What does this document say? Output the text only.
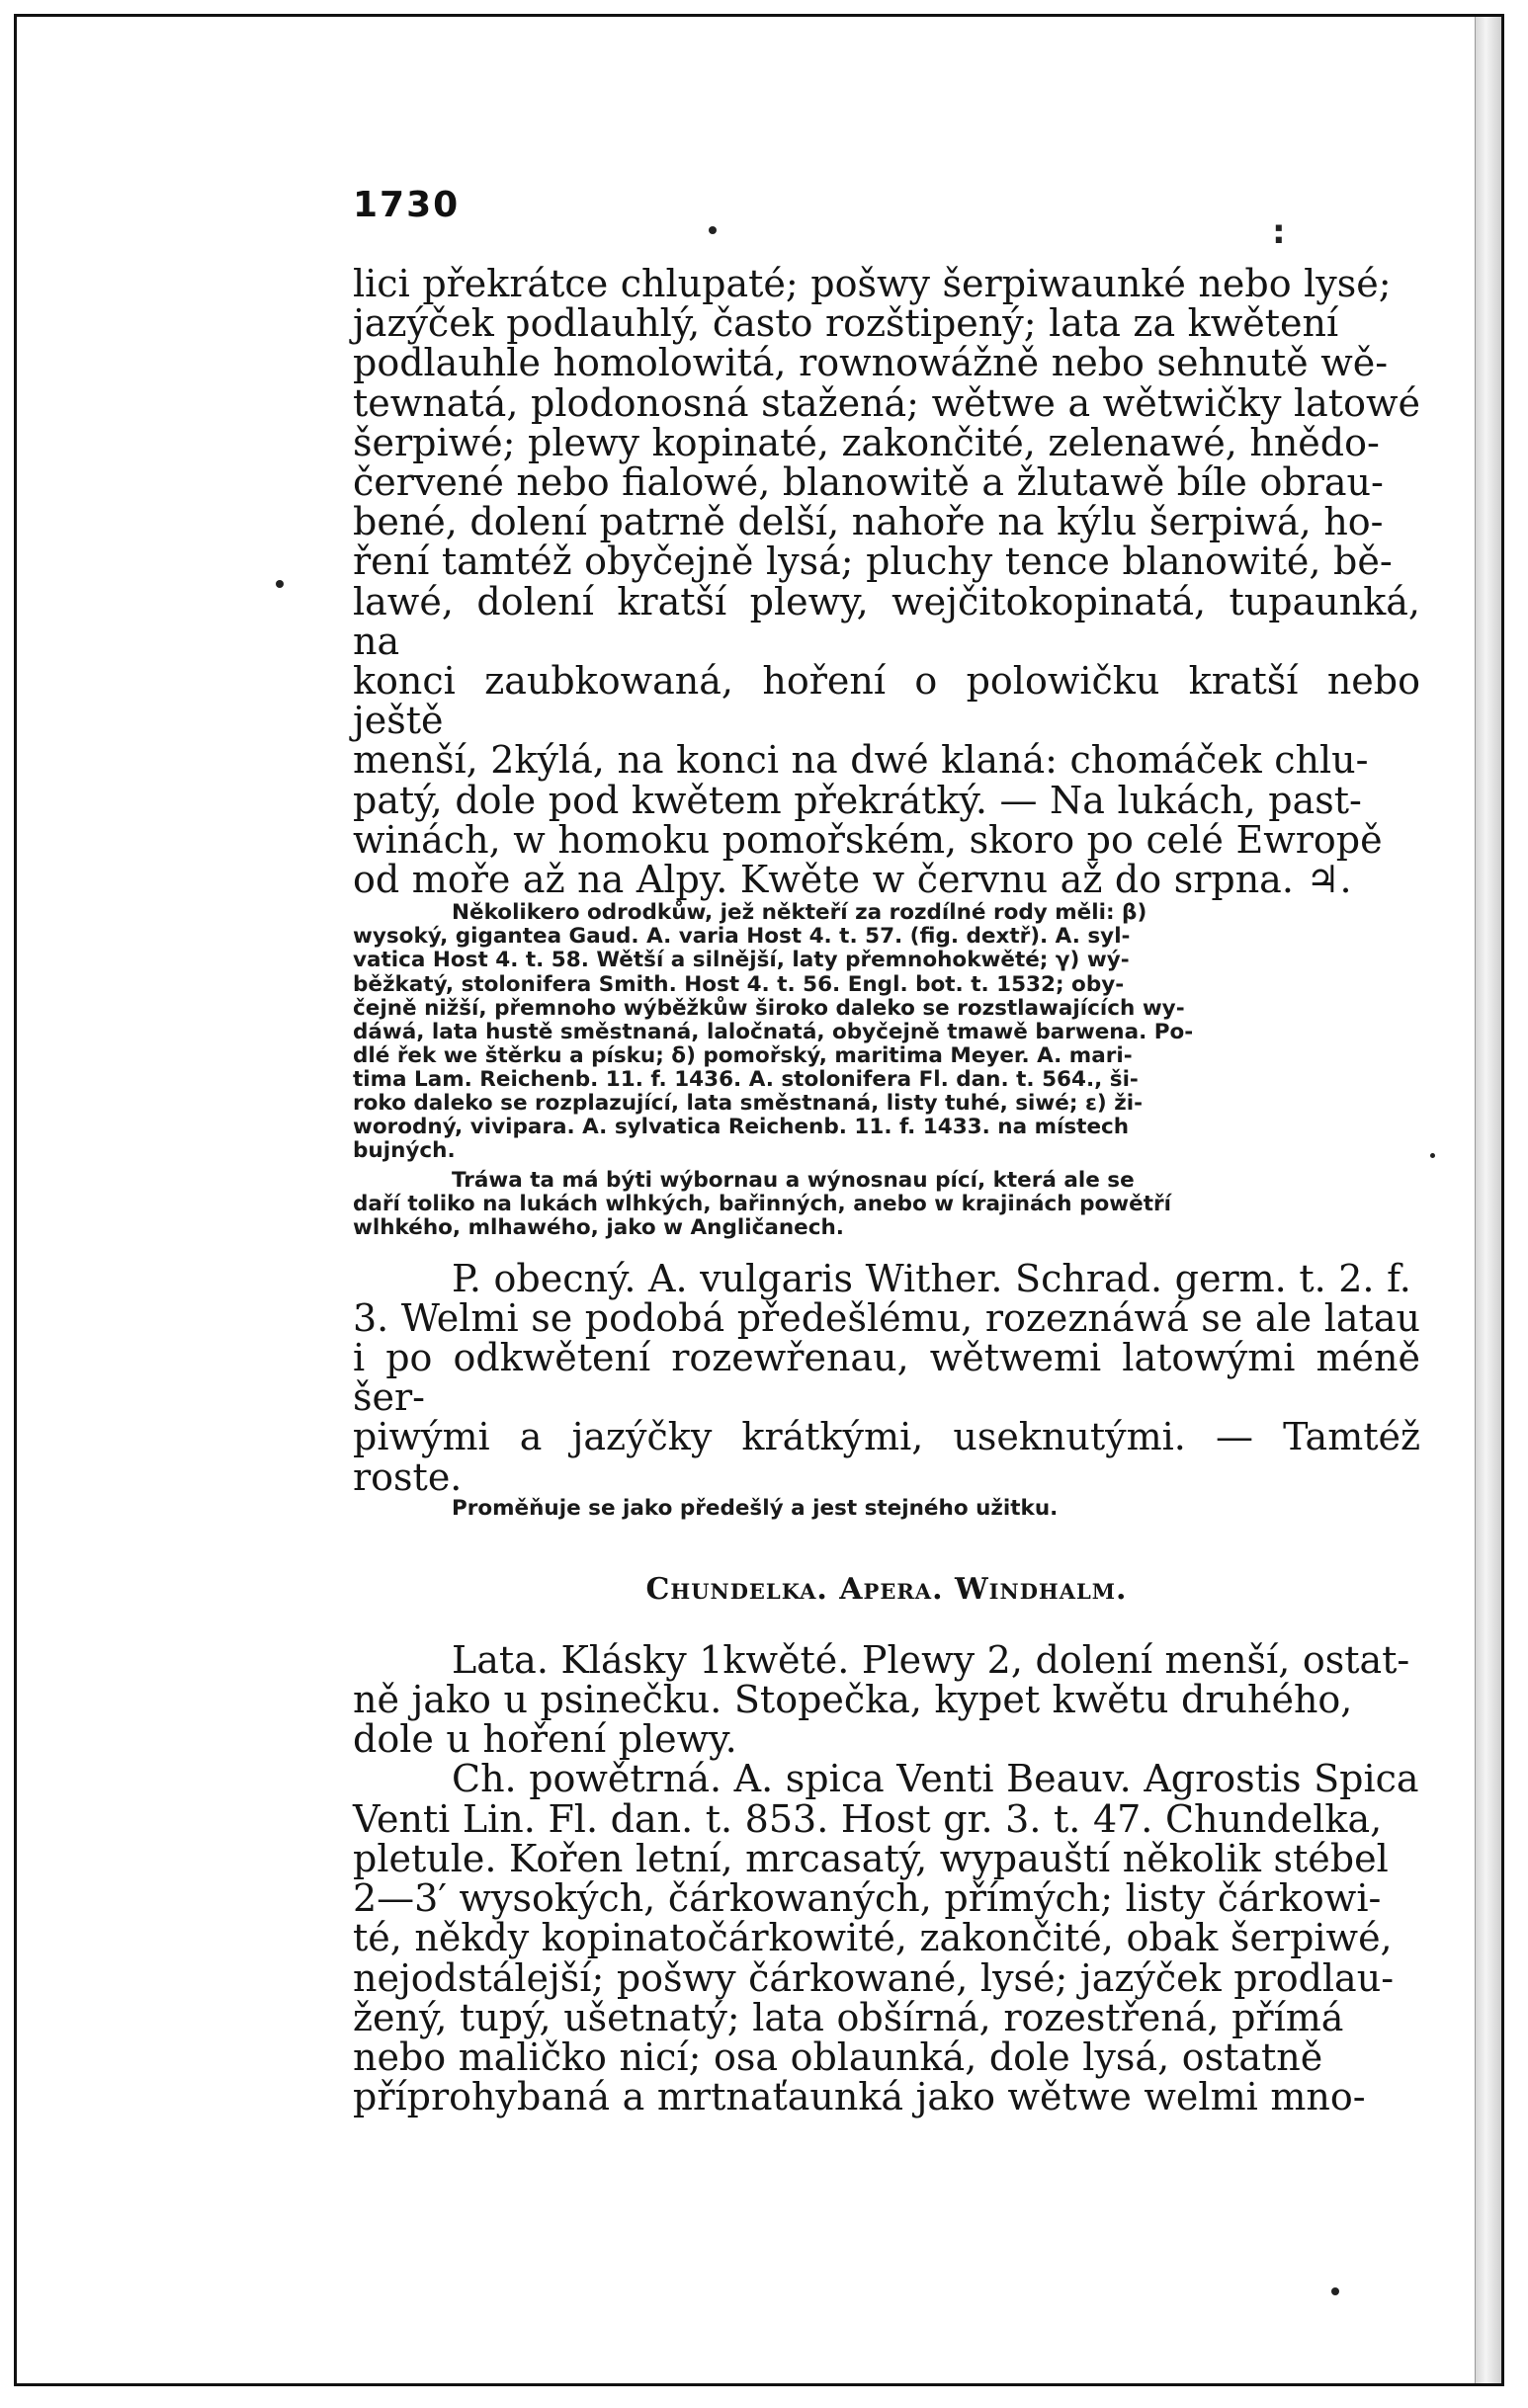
1730
:
lici překrátce chlupaté; pošwy šerpiwaunké nebo lysé;
jazýček podlauhlý, často rozštipený; lata za kwětení
podlauhle homolowitá, rownowážně nebo sehnutě wě-
tewnatá, plodonosná stažená; wětwe a wětwičky latowé
šerpiwé; plewy kopinaté, zakončité, zelenawé, hnědo-
červené nebo fialowé, blanowitě a žlutawě bíle obrau-
bené, dolení patrně delší, nahoře na kýlu šerpiwá, ho-
ření tamtéž obyčejně lysá; pluchy tence blanowité, bě-
lawé, dolení kratší plewy, wejčitokopinatá, tupaunká, na
konci zaubkowaná, hoření o polowičku kratší nebo ještě
menší, 2kýlá, na konci na dwé klaná: chomáček chlu-
patý, dole pod kwětem překrátký. — Na lukách, past-
winách, w homoku pomořském, skoro po celé Ewropě
od moře až na Alpy. Kwěte w červnu až do srpna. ♃.
Několikero odrodkůw, jež někteří za rozdílné rody měli: β)
wysoký, gigantea Gaud. A. varia Host 4. t. 57. (fig. dextř). A. syl-
vatica Host 4. t. 58. Wětší a silnější, laty přemnohokwěté; γ) wý-
běžkatý, stolonifera Smith. Host 4. t. 56. Engl. bot. t. 1532; oby-
čejně nižší, přemnoho wýběžkůw široko daleko se rozstlawajících wy-
dáwá, lata hustě směstnaná, laločnatá, obyčejně tmawě barwena. Po-
dlé řek we štěrku a písku; δ) pomořský, maritima Meyer. A. mari-
tima Lam. Reichenb. 11. f. 1436. A. stolonifera Fl. dan. t. 564., ši-
roko daleko se rozplazující, lata směstnaná, listy tuhé, siwé; ε) ži-
worodný, vivipara. A. sylvatica Reichenb. 11. f. 1433. na místech
bujných.
Tráwa ta má býti wýbornau a wýnosnau pící, která ale se
daří toliko na lukách wlhkých, bařinných, anebo w krajinách powětří
wlhkého, mlhawého, jako w Angličanech.
P. obecný. A. vulgaris Wither. Schrad. germ. t. 2. f.
3. Welmi se podobá předešlému, rozeznáwá se ale latau
i po odkwětení rozewřenau, wětwemi latowými méně šer-
piwými a jazýčky krátkými, useknutými. — Tamtéž roste.
Proměňuje se jako předešlý a jest stejného užitku.
Chundelka. Apera. Windhalm.
Lata. Klásky 1kwěté. Plewy 2, dolení menší, ostat-
ně jako u psinečku. Stopečka, kypet kwětu druhého,
dole u hoření plewy.
Ch. powětrná. A. spica Venti Beauv. Agrostis Spica
Venti Lin. Fl. dan. t. 853. Host gr. 3. t. 47. Chundelka,
pletule. Kořen letní, mrcasatý, wypauští několik stébel
2—3′ wysokých, čárkowaných, přímých; listy čárkowi-
té, někdy kopinatočárkowité, zakončité, obak šerpiwé,
nejodstálejší; pošwy čárkowané, lysé; jazýček prodlau-
žený, tupý, ušetnatý; lata obšírná, rozestřená, přímá
nebo maličko nicí; osa oblaunká, dole lysá, ostatně
příprohybaná a mrtnaťaunká jako wětwe welmi mno-
